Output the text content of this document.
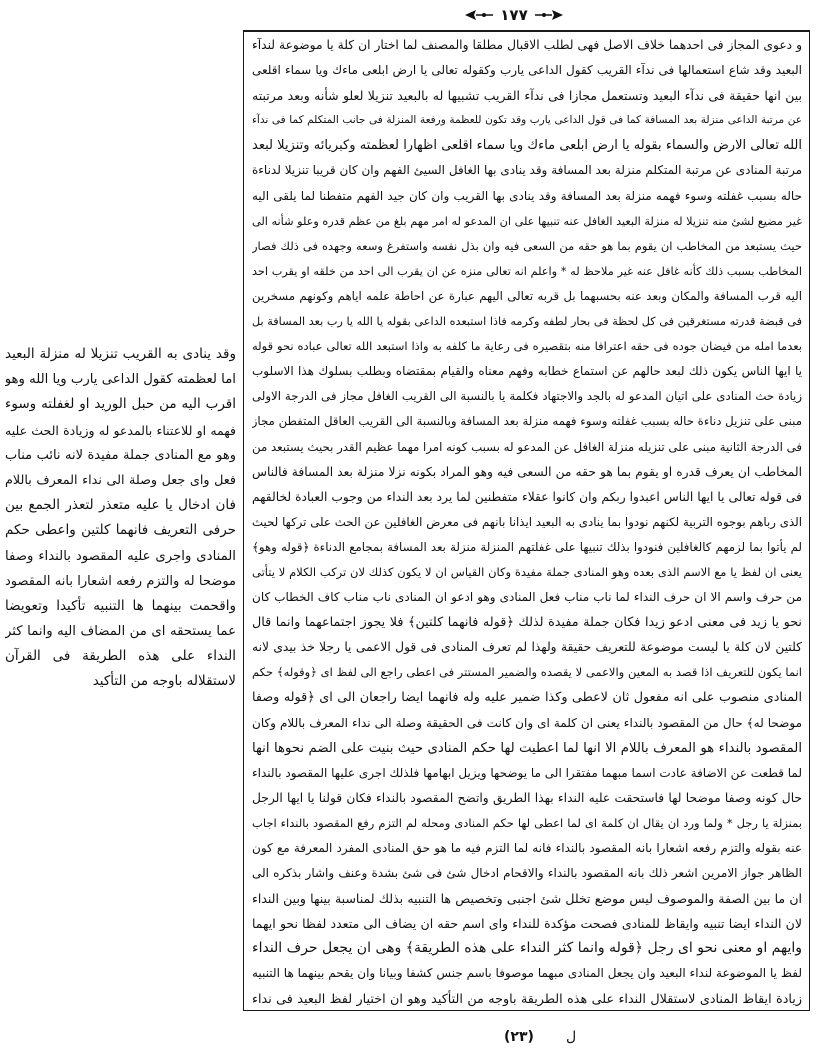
١٧٧
و دعوى المجاز فى احدهما خلاف الاصل فهى لطلب الاقبال مطلقا والمصنف لما اختار ان كلة يا موضوعة لندآء
البعيد وقد شاع استعمالها فى ندآء القريب كقول الداعى يارب وكقوله تعالى يا ارض ابلعى ماءك ويا سماء اقلعى
بين انها حقيقة فى ندآء البعيد وتستعمل مجازا فى ندآء القريب تشبيها له بالبعيد تنزيلا لعلو شأنه وبعد مرتبته
عن مرتبة الداعى منزلة بعد المسافة كما فى قول الداعى يارب وقد تكون للعظمة ورفعة المنزلة فى جانب المتكلم كما فى ندآء
الله تعالى الارض والسماء بقوله يا ارض ابلعى ماءك ويا سماء اقلعى اظهارا لعظمته وكبريائه وتنزيلا لبعد
مرتبة المنادى عن مرتبة المتكلم منزلة بعد المسافة وقد ينادى بها الغافل السيئ الفهم وان كان قريبا تنزيلا لدناءة
حاله بسبب غفلته وسوء فهمه منزلة بعد المسافة وقد ينادى بها القريب وان كان جيد الفهم متفطنا لما يلقى اليه
غير مضيع لشئ منه تنزيلا له منزلة البعيد الغافل عنه تنبيها على ان المدعو له امر مهم بلغ من عظم قدره وعلو شأنه الى
حيث يستبعد من المخاطب ان يقوم بما هو حقه من السعى فيه وان بذل نفسه واستفرغ وسعه وجهده فى ذلك فصار
المخاطب بسبب ذلك كأنه غافل عنه غير ملاحظ له * واعلم انه تعالى منزه عن ان يقرب الى احد من خلقه او يقرب احد
اليه قرب المسافة والمكان وبعد عنه بحسبهما بل قربه تعالى اليهم عبارة عن احاطة علمه اياهم وكونهم مسخرين
فى قبضة قدرته مستغرقين فى كل لحظة فى بحار لطفه وكرمه فاذا استبعده الداعى بقوله يا الله يا رب بعد المسافة بل
بعدما امله من فيضان جوده فى حقه اعترافا منه بتقصيره فى رعاية ما كلفه به واذا استبعد الله تعالى عباده نحو قوله
يا ايها الناس يكون ذلك لبعد حالهم عن استماع خطابه وفهم معناه والقيام بمقتضاه وبطلب بسلوك هذا الاسلوب
زيادة حث المنادى على اتيان المدعو له بالجد والاجتهاد فكلمة يا بالنسبة الى القريب الغافل مجاز فى الدرجة الاولى
مبنى على تنزيل دناءة حاله بسبب غفلته وسوء فهمه منزلة بعد المسافة وبالنسبة الى القريب العاقل المتفطن مجاز
فى الدرجة الثانية مبنى على تنزيله منزلة الغافل عن المدعو له بسبب كونه امرا مهما عظيم القدر بحيث يستبعد من
المخاطب ان يعرف قدره او يقوم بما هو حقه من السعى فيه وهو المراد بكونه نزلا منزلة بعد المسافة فالناس
فى قوله تعالى يا ايها الناس اعبدوا ربكم وان كانوا عقلاء متفطنين لما يرد بعد النداء من وجوب العبادة لخالقهم
الذى رباهم بوجوه التربية لكنهم نودوا بما ينادى به البعيد ايذانا بانهم فى معرض الغافلين عن الحث على تركها لحيث
لم يأتوا بما لزمهم كالغافلين فنودوا بذلك تنبيها على غفلتهم المنزلة منزلة بعد المسافة بمجامع الدناءة ﴿قوله وهو﴾
يعنى ان لفظ يا مع الاسم الذى بعده وهو المنادى جملة مفيدة وكان القياس ان لا يكون كذلك لان تركب الكلام لا يتأتى
من حرف واسم الا ان حرف النداء لما ناب مناب فعل المنادى وهو ادعو ان المنادى ناب مناب كاف الخطاب كان
نحو يا زيد فى معنى ادعو زيدا فكان جملة مفيدة لذلك ﴿قوله فانهما كلتين﴾ فلا يجوز اجتماعهما وانما قال
كلتين لان كلة يا ليست موضوعة للتعريف حقيقة ولهذا لم تعرف المنادى فى قول الاعمى يا رجلا خذ بيدى لانه
انما يكون للتعريف اذا قصد به المعين والاعمى لا يقصده والضمير المستتر فى اعطى راجع الى لفظ اى ﴿وقوله﴾ حكم
المنادى منصوب على انه مفعول ثان لاعطى وكذا ضمير عليه وله فانهما ايضا راجعان الى اى ﴿قوله وصفا
موضحا له﴾ حال من المقصود بالنداء يعنى ان كلمة اى وان كانت فى الحقيقة وصلة الى نداء المعرف باللام وكان
المقصود بالنداء هو المعرف باللام الا انها لما اعطيت لها حكم المنادى حيث بنيت على الضم نحوها انها
لما قطعت عن الاضافة عادت اسما مبهما مفتقرا الى ما يوضحها ويزيل ابهامها فلذلك اجرى عليها المقصود بالنداء
حال كونه وصفا موضحا لها فاستحقت عليه النداء بهذا الطريق واتضح المقصود بالنداء فكان قولنا يا ايها الرجل
بمنزلة يا رجل * ولما ورد ان يقال ان كلمة اى لما اعطى لها حكم المنادى ومحله لم التزم رفع المقصود بالنداء اجاب
عنه بقوله والتزم رفعه اشعارا بانه المقصود بالنداء فانه لما التزم فيه ما هو حق المنادى المفرد المعرفة مع كون
الظاهر جواز الامرين اشعر ذلك بانه المقصود بالنداء والاقحام ادخال شئ فى شئ بشدة وعنف واشار بذكره الى
ان ما بين الصفة والموصوف ليس موضع تخلل شئ اجنبى وتخصيص ها التنبيه بذلك لمناسبة بينها وبين النداء
لان النداء ايضا تنبيه وايقاظ للمنادى فصحت مؤكدة للنداء واى اسم حقه ان يضاف الى متعدد لفظا نحو ايهما
وايهم او معنى نحو اى رجل ﴿قوله وانما كثر النداء على هذه الطريقة﴾ وهى ان يجعل حرف النداء
لفظ يا الموضوعة لنداء البعيد وان يجعل المنادى مبهما موصوفا باسم جنس كشفا وبيانا وان يقحم بينهما ها التنبيه
زيادة ايقاظ المنادى لاستقلال النداء على هذه الطريقة باوجه من التأكيد وهو ان اختيار لفظ البعيد فى نداء
وقد ينادى به القريب تنزيلا له منزلة البعيد
اما لعظمته كقول الداعى يارب ويا الله وهو
اقرب اليه من حبل الوريد او لغفلته وسوء
فهمه او للاعتناء بالمدعو له وزيادة الحث عليه
وهو مع المنادى جملة مفيدة لانه نائب مناب
فعل واى جعل وصلة الى نداء المعرف باللام
فان ادخال يا عليه متعذر لتعذر الجمع بين
حرفى التعريف فانهما كلتين واعطى حكم
المنادى واجرى عليه المقصود بالنداء وصفا
موضحا له والتزم رفعه اشعارا بانه المقصود
واقحمت بينهما ها التنبيه تأكيدا وتعويضا
عما يستحقه اى من المضاف اليه وانما كثر
النداء على هذه الطريقة فى القرآن
لاستقلاله باوجه من التأكيد
(٢٣) ل
